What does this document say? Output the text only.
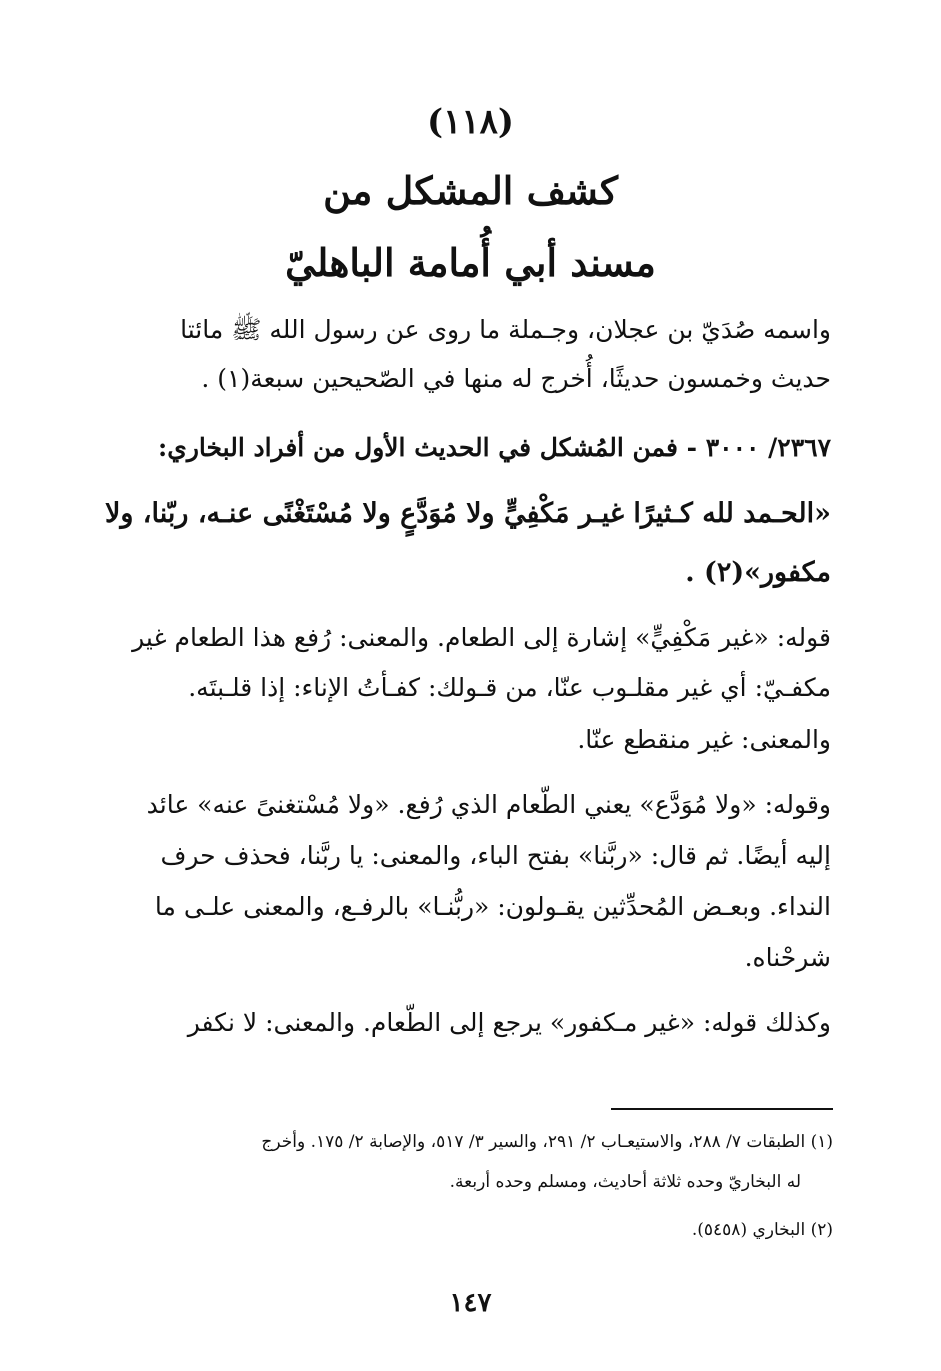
(١١٨)
كشف المشكل من
مسند أبي أُمامة الباهليّ
واسمه صُدَيّ بن عجلان، وجـملة ما روى عن رسول الله ﷺ مائتا
حديث وخمسون حديثًا، أُخرج له منها في الصّحيحين سبعة(١) .
٢٣٦٧/ ٣٠٠٠ - فمن المُشكل في الحديث الأول من أفراد البخاري:
«الحـمد لله كـثيرًا غيـر مَكْفِيٍّ ولا مُوَدَّعٍ ولا مُسْتَغْنًى عنـه، ربّنا، ولا
مكفور»(٢) .
قوله: «غير مَكْفِيٍّ» إشارة إلى الطعام. والمعنى: رُفع هذا الطعام غير
مكفـيّ: أي غير مقلـوب عنّا، من قـولك: كفـأتُ الإناء: إذا قلـبتَه.
والمعنى: غير منقطع عنّا.
وقوله: «ولا مُوَدَّع» يعني الطّعام الذي رُفع. «ولا مُسْتغنىً عنه» عائد
إليه أيضًا. ثم قال: «ربَّنا» بفتح الباء، والمعنى: يا ربَّنا، فحذف حرف
النداء. وبعـض المُحدِّثين يقـولون: «ربُّنـا» بالرفـع، والمعنى علـى ما
شرحْناه.
وكذلك قوله: «غير مـكفور» يرجع إلى الطّعام. والمعنى: لا نكفر
(١) الطبقات ٧/ ٢٨٨، والاستيعـاب ٢/ ٢٩١، والسير ٣/ ٥١٧، والإصابة ٢/ ١٧٥. وأخرج
له البخاريّ وحده ثلاثة أحاديث، ومسلم وحده أربعة.
(٢) البخاري (٥٤٥٨).
١٤٧
